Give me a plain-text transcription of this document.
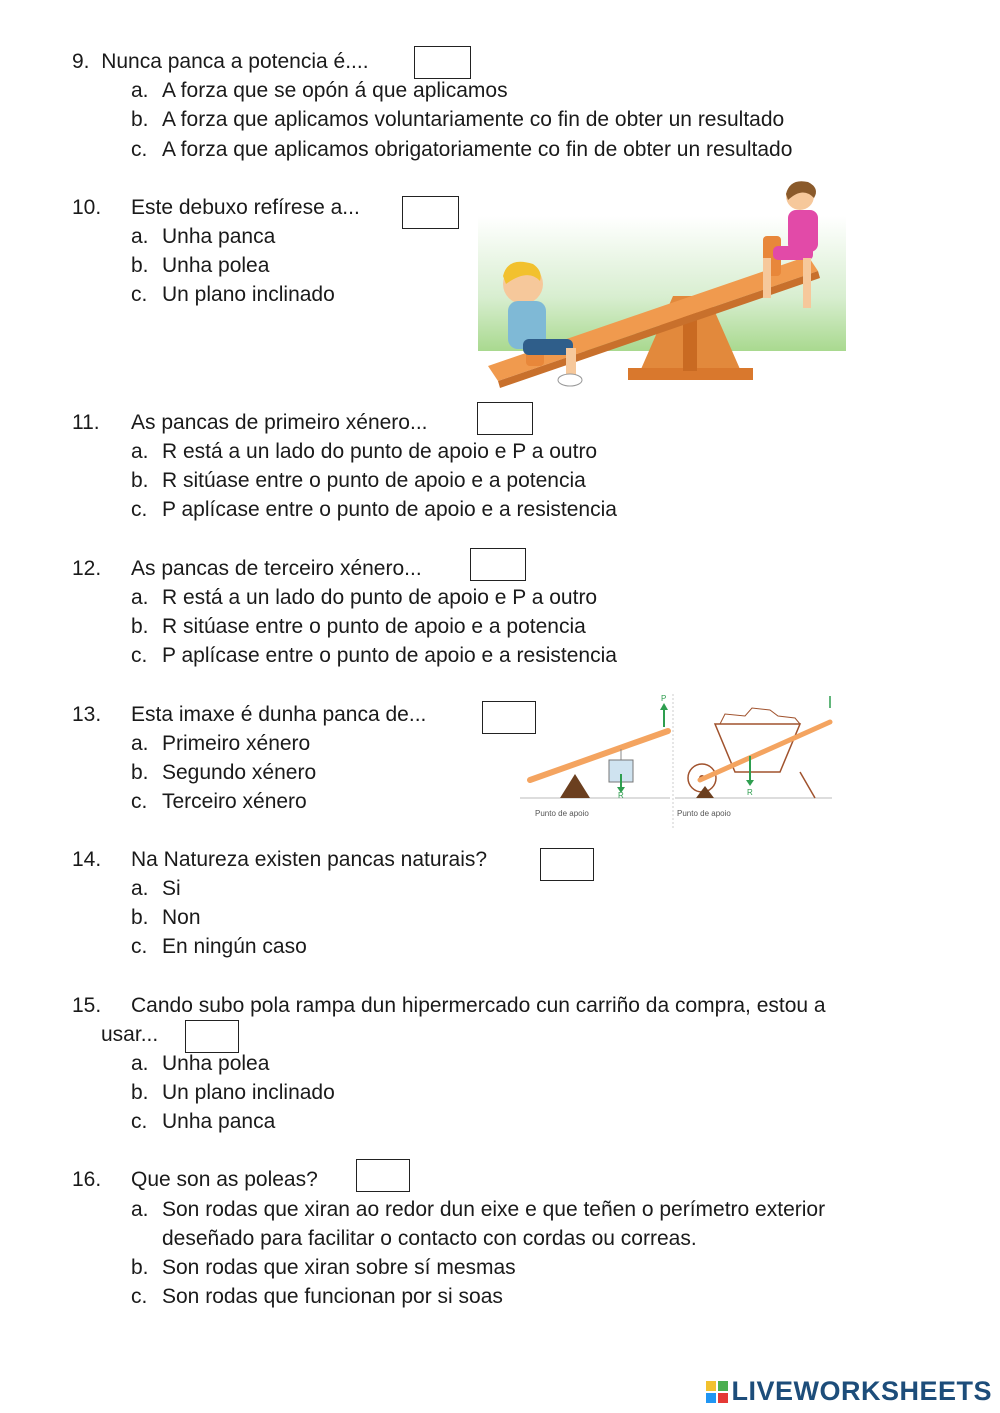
9. Nunca panca a potencia é....
a. A forza que se opón á que aplicamos
b. A forza que aplicamos voluntariamente co fin de obter un resultado
c. A forza que aplicamos obrigatoriamente co fin de obter un resultado
10. Este debuxo refírese a...
a. Unha panca
b. Unha polea
c. Un plano inclinado
11. As pancas de primeiro xénero...
a. R está a un lado do punto de apoio e P a outro
b. R sitúase entre o punto de apoio e a potencia
c. P aplícase entre o punto de apoio e a resistencia
12. As pancas de terceiro xénero...
a. R está a un lado do punto de apoio e P a outro
b. R sitúase entre o punto de apoio e a potencia
c. P aplícase entre o punto de apoio e a resistencia
13. Esta imaxe é dunha panca de...
a. Primeiro xénero
b. Segundo xénero
c. Terceiro xénero	R
P
Punto de apoio
R
Punto de apoio
14. Na Natureza existen pancas naturais?
a. Si
b. Non
c. En ningún caso
15. Cando subo pola rampa dun hipermercado cun carriño da compra, estou a
usar...
a. Unha polea
b. Un plano inclinado
c. Unha panca
16. Que son as poleas?
a. Son rodas que xiran ao redor dun eixe e que teñen o perímetro exterior
deseñado para facilitar o contacto con cordas ou correas.
b. Son rodas que xiran sobre sí mesmas
c. Son rodas que funcionan por si soas
LIVEWORKSHEETS
